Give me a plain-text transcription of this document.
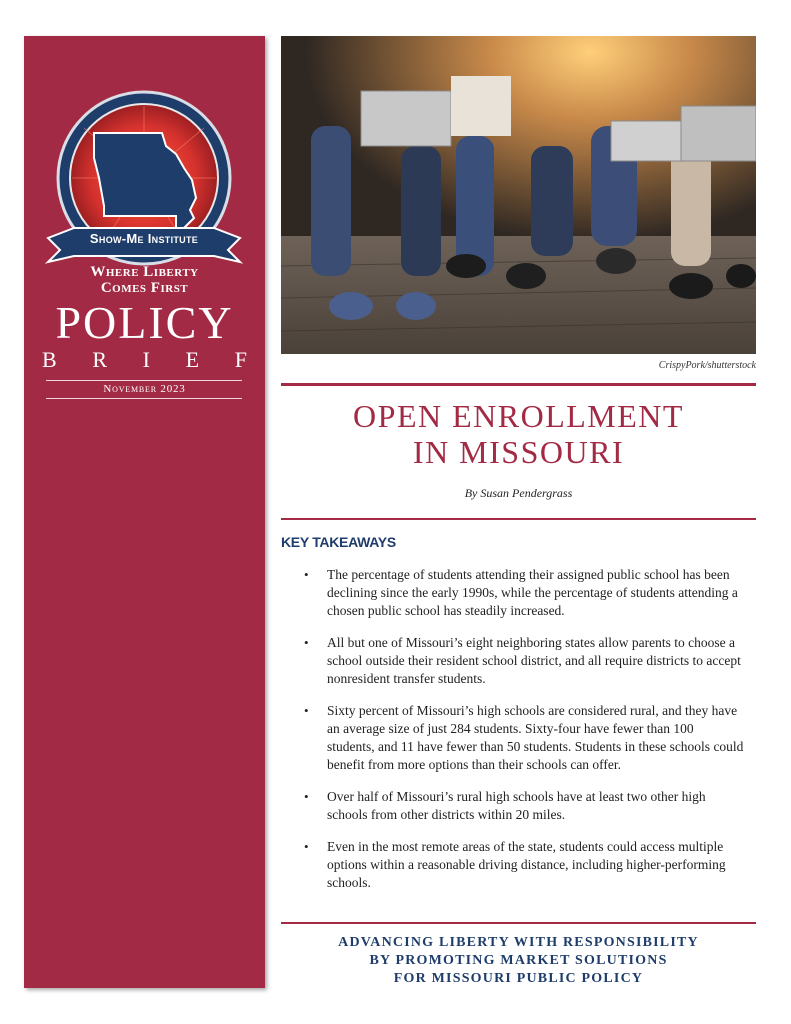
Show-Me Institute
Where Liberty
Comes First
POLICY
B R I E F
November 2023
CrispyPork/shutterstock
OPEN ENROLLMENT
IN MISSOURI
By Susan Pendergrass
KEY TAKEAWAYS
• The percentage of students attending their assigned public school has been declining since the early 1990s, while the percentage of students attending a chosen public school has steadily increased.
• All but one of Missouri’s eight neighboring states allow parents to choose a school outside their resident school district, and all require districts to accept nonresident transfer students.
• Sixty percent of Missouri’s high schools are considered rural, and they have an average size of just 284 students. Sixty-four have fewer than 100 students, and 11 have fewer than 50 students. Students in these schools could benefit from more options than their schools can offer.
• Over half of Missouri’s rural high schools have at least two other high schools from other districts within 20 miles.
• Even in the most remote areas of the state, students could access multiple options within a reasonable driving distance, including higher-performing schools.
ADVANCING LIBERTY WITH RESPONSIBILITY
BY PROMOTING MARKET SOLUTIONS
FOR MISSOURI PUBLIC POLICY
